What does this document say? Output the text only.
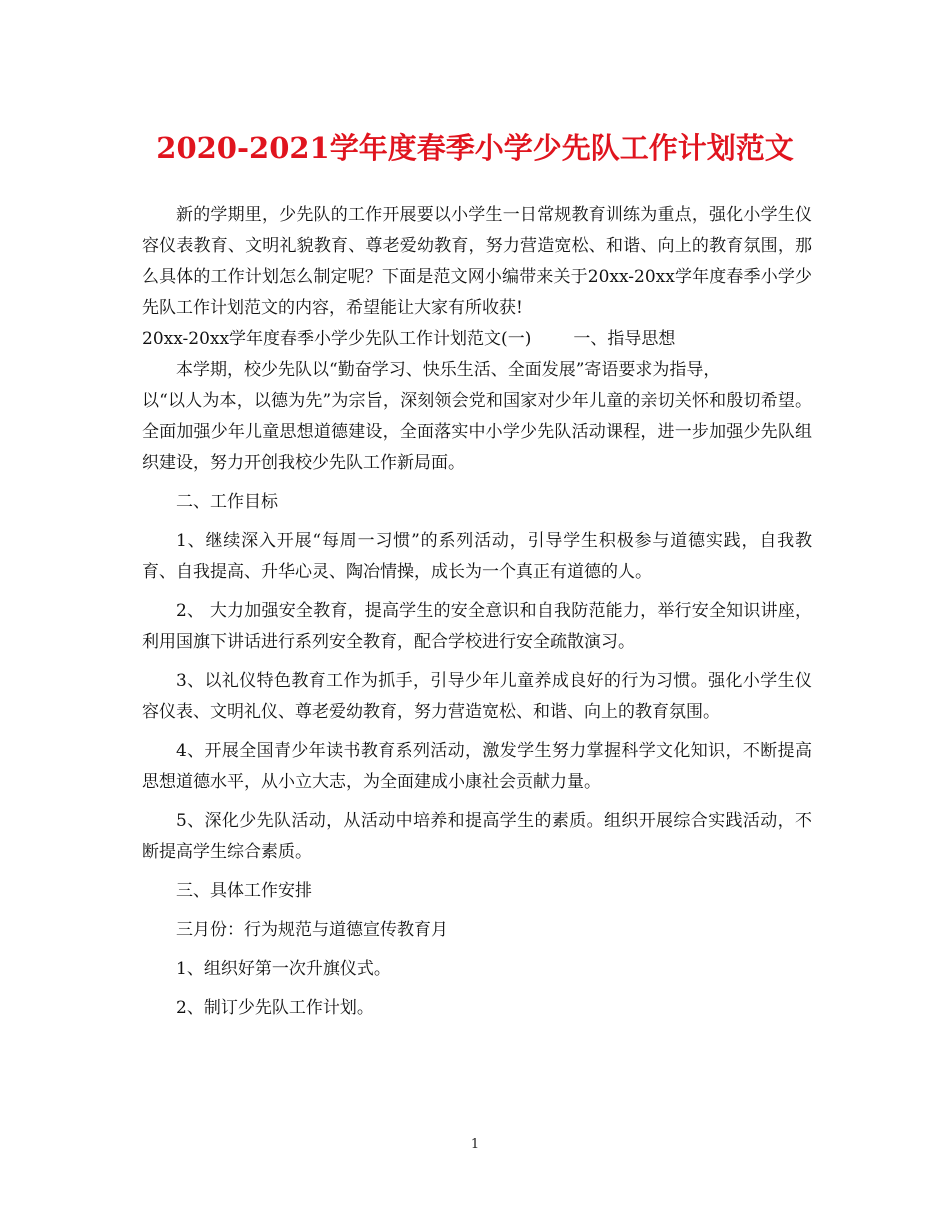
2020-2021学年度春季小学少先队工作计划范文

新的学期里，少先队的工作开展要以小学生一日常规教育训练为重点，强化小学生仪容仪表教育、文明礼貌教育、尊老爱幼教育，努力营造宽松、和谐、向上的教育氛围，那么具体的工作计划怎么制定呢？下面是范文网小编带来关于20xx-20xx学年度春季小学少先队工作计划范文的内容，希望能让大家有所收获!

20xx-20xx学年度春季小学少先队工作计划范文(一) 一、指导思想

本学期，校少先队以“勤奋学习、快乐生活、全面发展”寄语要求为指导，

以“以人为本，以德为先”为宗旨，深刻领会党和国家对少年儿童的亲切关怀和殷切希望。全面加强少年儿童思想道德建设，全面落实中小学少先队活动课程，进一步加强少先队组织建设，努力开创我校少先队工作新局面。

二、工作目标

1、继续深入开展“每周一习惯”的系列活动，引导学生积极参与道德实践，自我教育、自我提高、升华心灵、陶冶情操，成长为一个真正有道德的人。

2、 大力加强安全教育，提高学生的安全意识和自我防范能力，举行安全知识讲座，利用国旗下讲话进行系列安全教育，配合学校进行安全疏散演习。

3、以礼仪特色教育工作为抓手，引导少年儿童养成良好的行为习惯。强化小学生仪容仪表、文明礼仪、尊老爱幼教育，努力营造宽松、和谐、向上的教育氛围。

4、开展全国青少年读书教育系列活动，激发学生努力掌握科学文化知识，不断提高思想道德水平，从小立大志，为全面建成小康社会贡献力量。

5、深化少先队活动，从活动中培养和提高学生的素质。组织开展综合实践活动，不断提高学生综合素质。

三、具体工作安排

三月份：行为规范与道德宣传教育月

1、组织好第一次升旗仪式。

2、制订少先队工作计划。

1
